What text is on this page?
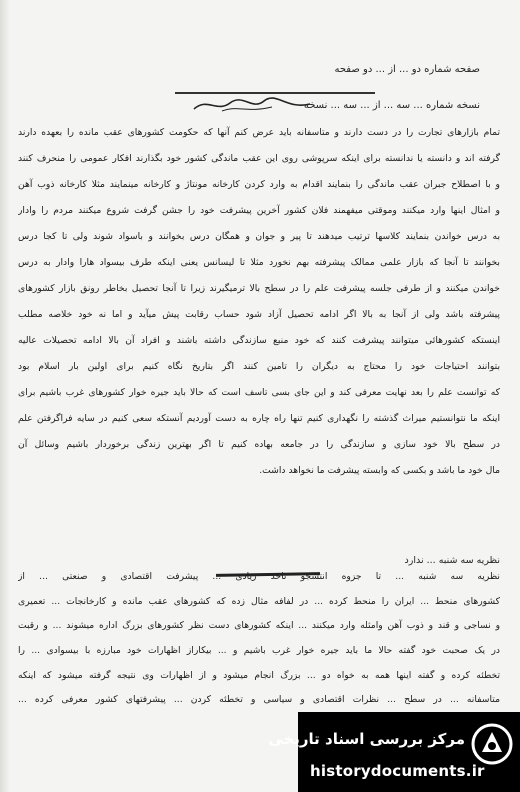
صفحه شماره دو ... از ... دو صفحه
نسخه شماره ... سه ... از ... سه ... نسخه
تمام بازارهای تجارت را در دست دارند و متاسفانه باید عرض کنم آنها که حکومت کشورهای عقب مانده را بعهده دارند
گرفته اند و دانسته یا ندانسته برای اینکه سرپوشی روی این عقب ماندگی کشور خود بگذارند افکار عمومی را منحرف کنند
و با اصطلاح جبران عقب ماندگی را بنمایند اقدام به وارد کردن کارخانه مونتاژ و کارخانه مینمایند مثلا کارخانه ذوب آهن
و امثال اینها وارد میکنند وموقتی میفهمند فلان کشور آخرین پیشرفت خود را جشن گرفت شروع میکنند مردم را وادار
به درس خواندن بنمایند کلاسها ترتیب میدهند تا پیر و جوان و همگان درس بخوانند و باسواد شوند ولی تا کجا درس
بخوانند تا آنجا که بازار علمی ممالک پیشرفته بهم نخورد مثلا تا لیسانس یعنی اینکه طرف بیسواد هارا وادار به درس
خواندن میکنند و از طرفی جلسه پیشرفت علم را در سطح بالا ترمیگیرند زیرا تا آنجا تحصیل بخاطر رونق بازار کشورهای
پیشرفته باشد ولی از آنجا به بالا اگر ادامه تحصیل آزاد شود حساب رقابت پیش میآید و اما نه خود خلاصه مطلب
اینستکه کشورهائی میتوانند پیشرفت کنند که خود منبع سازندگی داشته باشند و افراد آن بالا ادامه تحصیلات عالیه
بتوانند احتیاجات خود را محتاج به دیگران را تامین کنند اگر بتاریخ نگاه کنیم برای اولین بار اسلام بود
که توانست علم را بعد نهایت معرفی کند و این جای بسی تاسف است که حالا باید جیره خوار کشورهای غرب باشیم برای
اینکه ما نتوانستیم میراث گذشته را نگهداری کنیم تنها راه چاره به دست آوردیم آنستکه سعی کنیم در سایه فراگرفتن علم
در سطح بالا خود سازی و سازندگی را در جامعه بهاده کنیم تا اگر بهترین زندگی برخوردار باشیم وسائل آن
مال خود ما باشد و بکسی که وابسته پیشرفت ما نخواهد داشت.
نظریه سه شنبه ... ندارد
نظریه سه شنبه ... تا جزوه انتشجو تاحد زیادی ... پیشرفت اقتصادی و صنعتی ... از
کشورهای منحط ... ایران را منحط کرده ... در لفافه مثال زده که کشورهای عقب مانده و کارخانجات ... تعمیری
و نساجی و قند و ذوب آهن وامثله وارد میکنند ... اینکه کشورهای دست نظر کشورهای بزرگ اداره میشوند ... و رقبت
در یک صحبت خود گفته حالا ما باید جیره خوار غرب باشیم و ... بیکاراز اظهارات خود مبارزه با بیسوادی ... را
تخطئه کرده و گفته اینها همه به خواه دو ... بزرگ انجام میشود و از اظهارات وی نتیجه گرفته میشود که اینکه
متاسفانه ... در سطح ... نظرات اقتصادی و سیاسی و تخطئه کردن ... پیشرفتهای کشور معرفی کرده ...
مرکز بررسی اسناد تاریخی
historydocuments.ir
